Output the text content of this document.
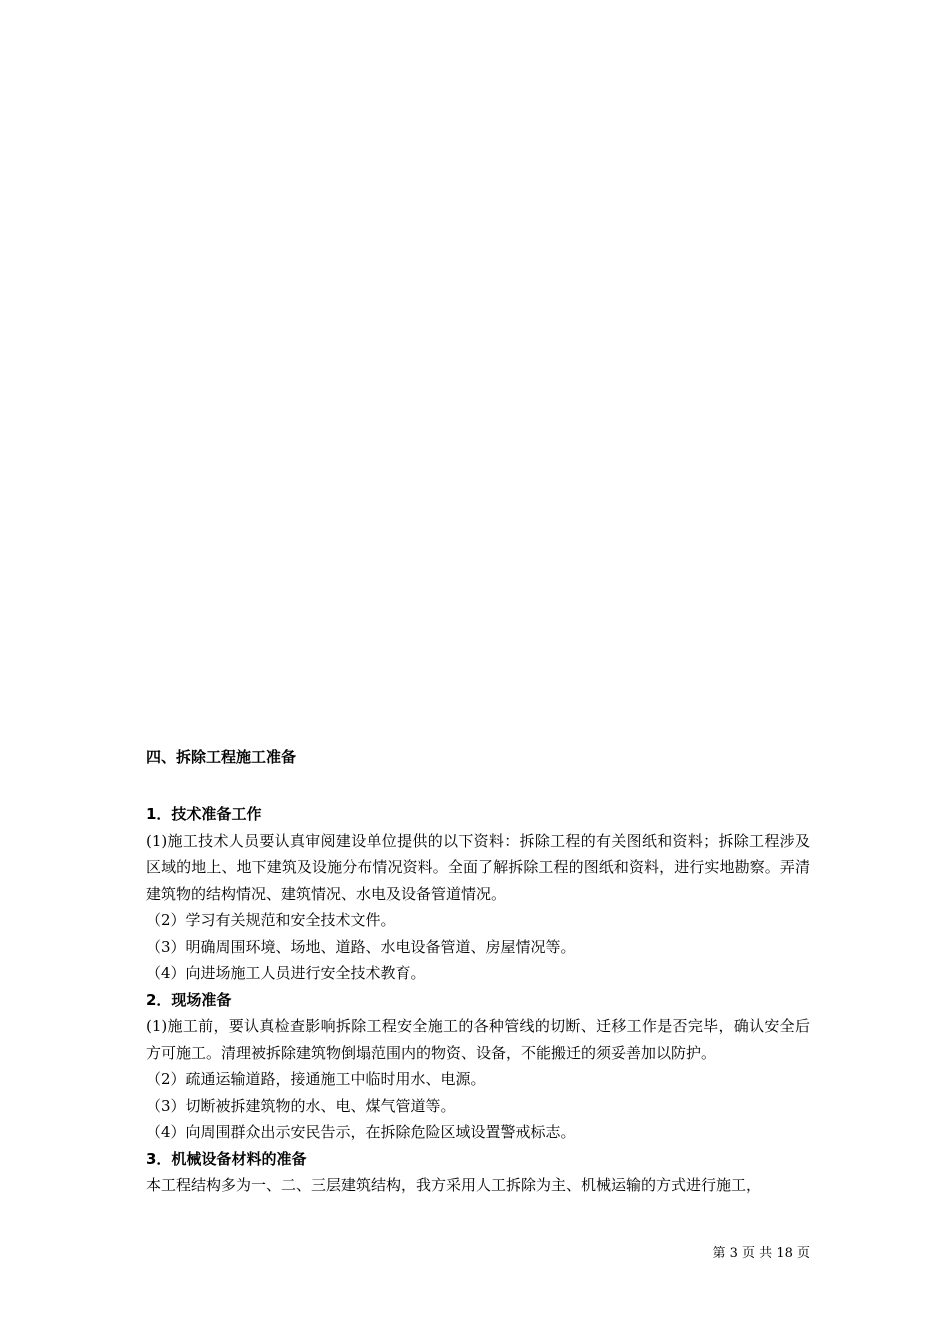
四、拆除工程施工准备
1．技术准备工作

(1)施工技术人员要认真审阅建设单位提供的以下资料：拆除工程的有关图纸和资料；拆除工程涉及区域的地上、地下建筑及设施分布情况资料。全面了解拆除工程的图纸和资料，进行实地勘察。弄清建筑物的结构情况、建筑情况、水电及设备管道情况。

（2）学习有关规范和安全技术文件。

（3）明确周围环境、场地、道路、水电设备管道、房屋情况等。

（4）向进场施工人员进行安全技术教育。

2．现场准备

(1)施工前，要认真检查影响拆除工程安全施工的各种管线的切断、迁移工作是否完毕，确认安全后方可施工。清理被拆除建筑物倒塌范围内的物资、设备，不能搬迁的须妥善加以防护。

（2）疏通运输道路，接通施工中临时用水、电源。

（3）切断被拆建筑物的水、电、煤气管道等。

（4）向周围群众出示安民告示，在拆除危险区域设置警戒标志。

3．机械设备材料的准备

本工程结构多为一、二、三层建筑结构，我方采用人工拆除为主、机械运输的方式进行施工，

第 3 页 共 18 页
